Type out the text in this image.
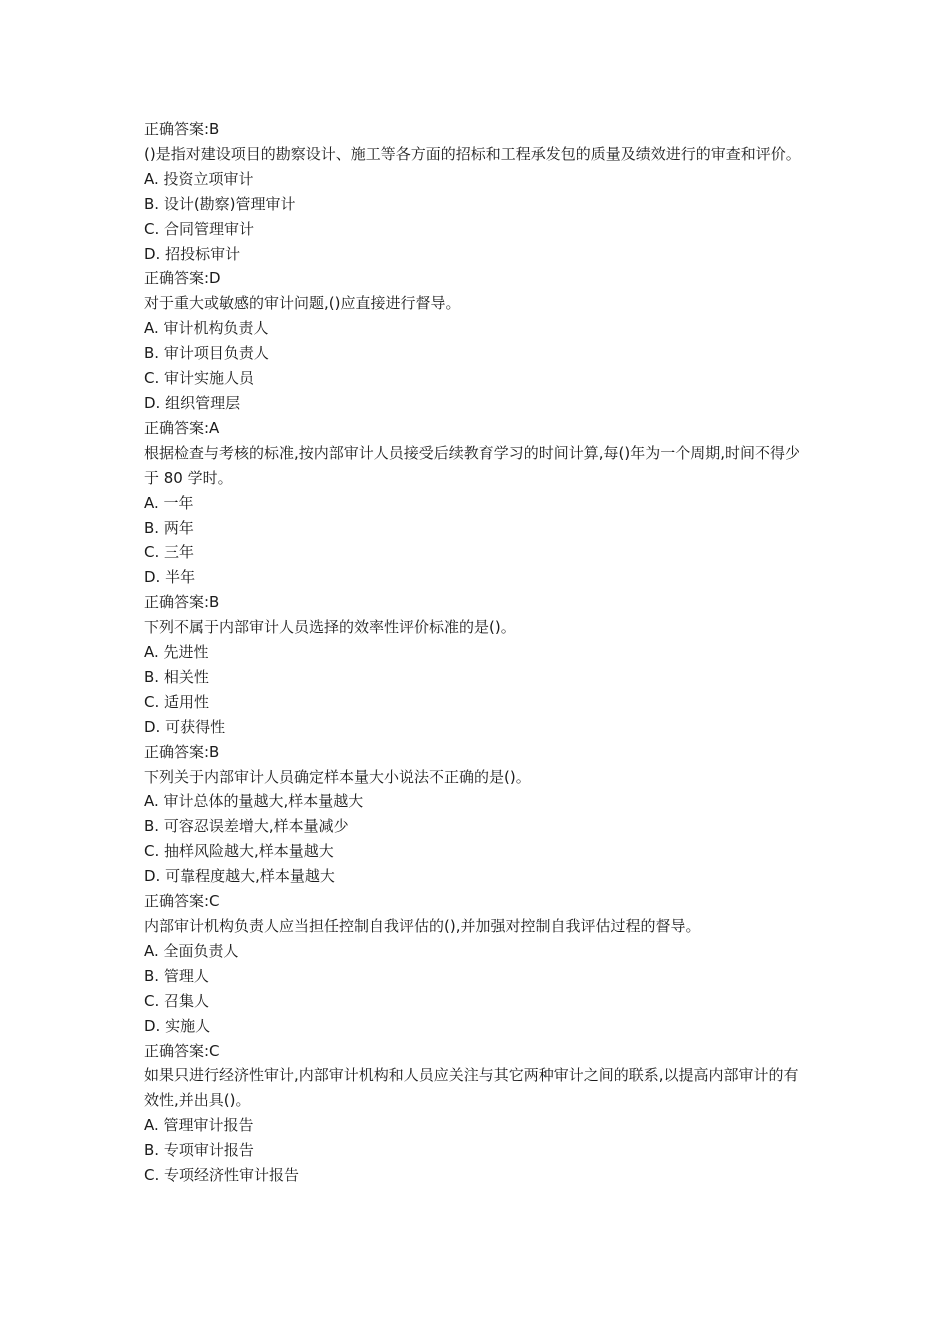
正确答案:B

()是指对建设项目的勘察设计、施工等各方面的招标和工程承发包的质量及绩效进行的审查和评价。

A. 投资立项审计

B. 设计(勘察)管理审计

C. 合同管理审计

D. 招投标审计

正确答案:D

对于重大或敏感的审计问题,()应直接进行督导。

A. 审计机构负责人

B. 审计项目负责人

C. 审计实施人员

D. 组织管理层

正确答案:A

根据检查与考核的标准,按内部审计人员接受后续教育学习的时间计算,每()年为一个周期,时间不得少于 80 学时。

A. 一年

B. 两年

C. 三年

D. 半年

正确答案:B

下列不属于内部审计人员选择的效率性评价标准的是()。

A. 先进性

B. 相关性

C. 适用性

D. 可获得性

正确答案:B

下列关于内部审计人员确定样本量大小说法不正确的是()。

A. 审计总体的量越大,样本量越大

B. 可容忍误差增大,样本量减少

C. 抽样风险越大,样本量越大

D. 可靠程度越大,样本量越大

正确答案:C

内部审计机构负责人应当担任控制自我评估的(),并加强对控制自我评估过程的督导。

A. 全面负责人

B. 管理人

C. 召集人

D. 实施人

正确答案:C

如果只进行经济性审计,内部审计机构和人员应关注与其它两种审计之间的联系,以提高内部审计的有效性,并出具()。

A. 管理审计报告

B. 专项审计报告

C. 专项经济性审计报告
